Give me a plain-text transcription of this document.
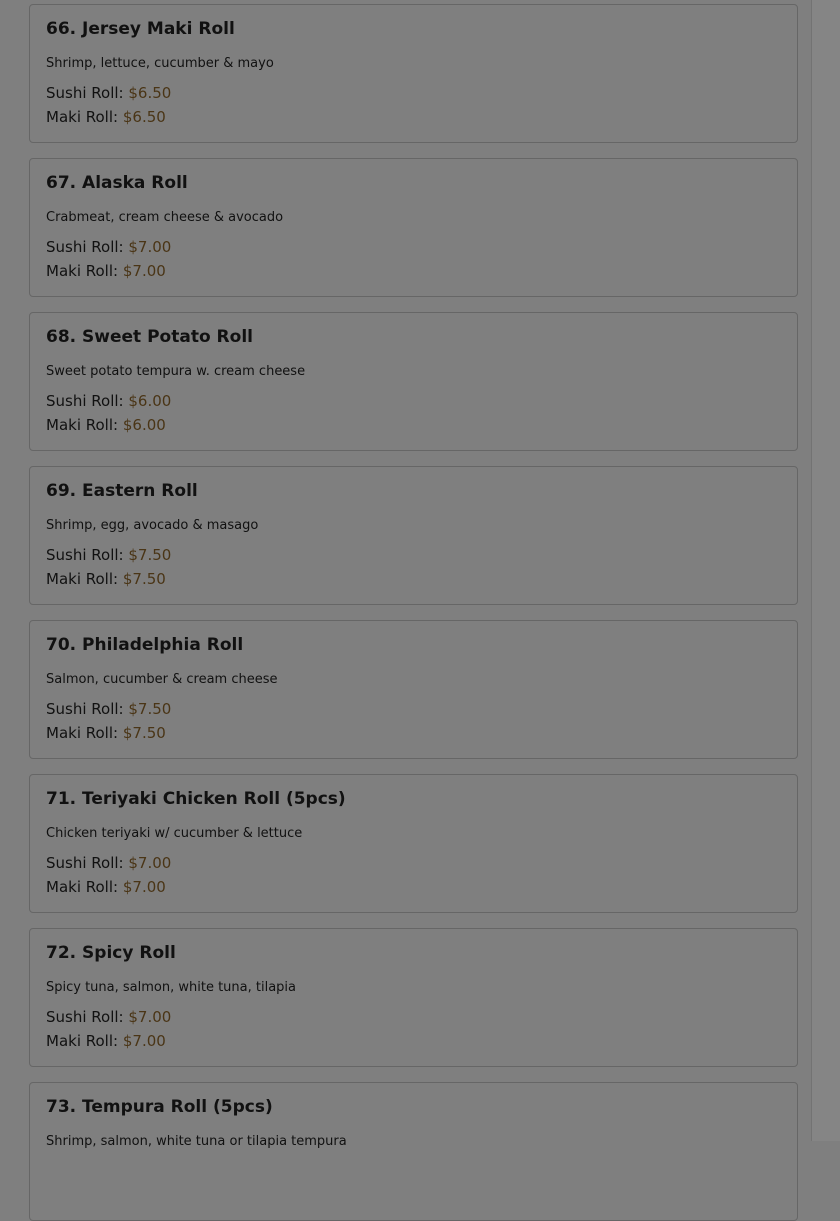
66. Jersey Maki Roll

Shrimp, lettuce, cucumber & mayo

Sushi Roll: $6.50

Maki Roll: $6.50

67. Alaska Roll

Crabmeat, cream cheese & avocado

Sushi Roll: $7.00

Maki Roll: $7.00

68. Sweet Potato Roll

Sweet potato tempura w. cream cheese

Sushi Roll: $6.00

Maki Roll: $6.00

69. Eastern Roll

Shrimp, egg, avocado & masago

Sushi Roll: $7.50

Maki Roll: $7.50

70. Philadelphia Roll

Salmon, cucumber & cream cheese

Sushi Roll: $7.50

Maki Roll: $7.50

71. Teriyaki Chicken Roll (5pcs)

Chicken teriyaki w/ cucumber & lettuce

Sushi Roll: $7.00

Maki Roll: $7.00

72. Spicy Roll

Spicy tuna, salmon, white tuna, tilapia

Sushi Roll: $7.00

Maki Roll: $7.00

73. Tempura Roll (5pcs)

Shrimp, salmon, white tuna or tilapia tempura
